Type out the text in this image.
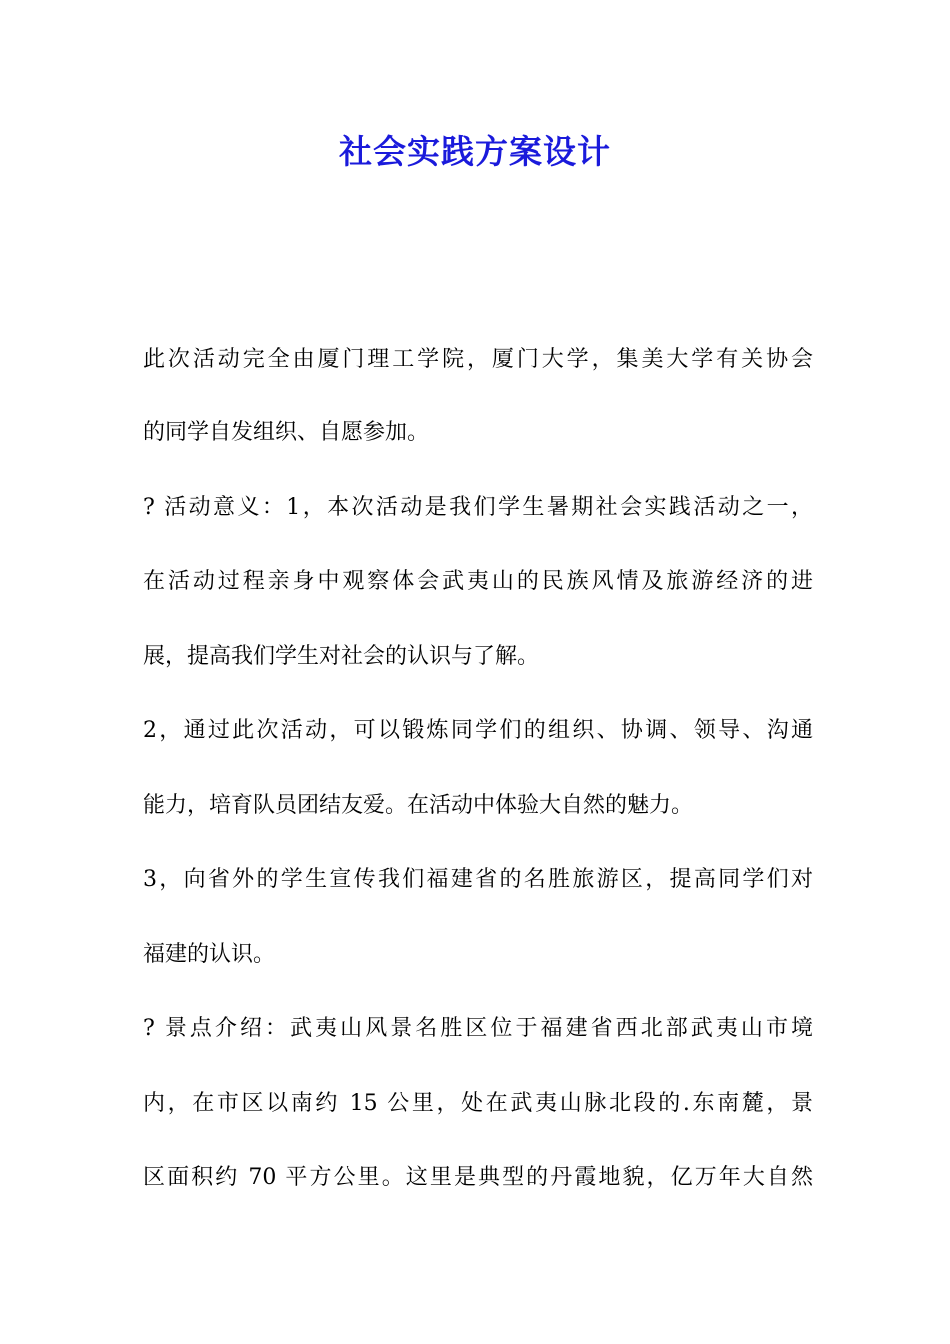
社会实践方案设计
此次活动完全由厦门理工学院，厦门大学，集美大学有关协会
的同学自发组织、自愿参加。
? 活动意义：1，本次活动是我们学生暑期社会实践活动之一，
在活动过程亲身中观察体会武夷山的民族风情及旅游经济的进
展，提高我们学生对社会的认识与了解。
2，通过此次活动，可以锻炼同学们的组织、协调、领导、沟通
能力，培育队员团结友爱。在活动中体验大自然的魅力。
3，向省外的学生宣传我们福建省的名胜旅游区，提高同学们对
福建的认识。
? 景点介绍：武夷山风景名胜区位于福建省西北部武夷山市境
内，在市区以南约 15 公里，处在武夷山脉北段的.东南麓，景
区面积约 70 平方公里。这里是典型的丹霞地貌，亿万年大自然
